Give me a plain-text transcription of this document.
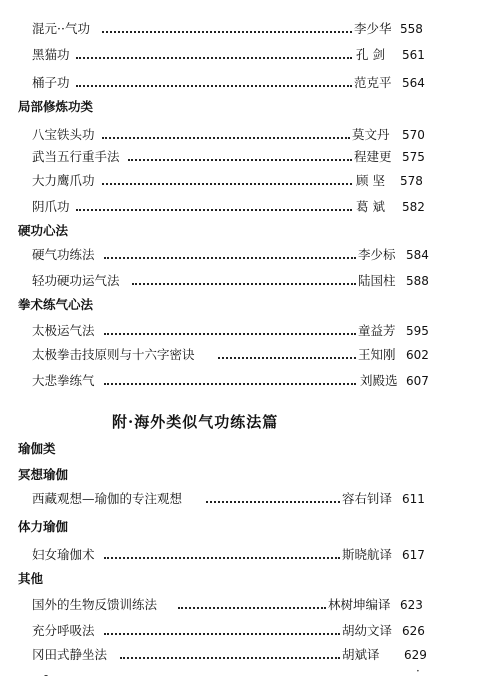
混元··气功	李少华 558
黑猫功	孔 剑 561
桶子功	范克平 564
局部修炼功类
八宝铁头功	莫文丹 570
武当五行重手法	程建更 575
大力鹰爪功	顾 坚 578
阴爪功	葛 斌 582
硬功心法
硬气功练法	李少标 584
轻功硬功运气法	陆国柱 588
拳术练气心法
太极运气法	童益芳 595
太极拳击技原则与十六字密诀	王知刚 602
大悲拳练气	刘殿选 607
附·海外类似气功练法篇
瑜伽类
冥想瑜伽
西藏观想—瑜伽的专注观想	容右钊译 611
体力瑜伽
妇女瑜伽术	斯晓航译 617
其他
国外的生物反馈训练法	林树坤编译 623
充分呼吸法	胡幼文译 626
冈田式静坐法	胡斌译 629
·
-
